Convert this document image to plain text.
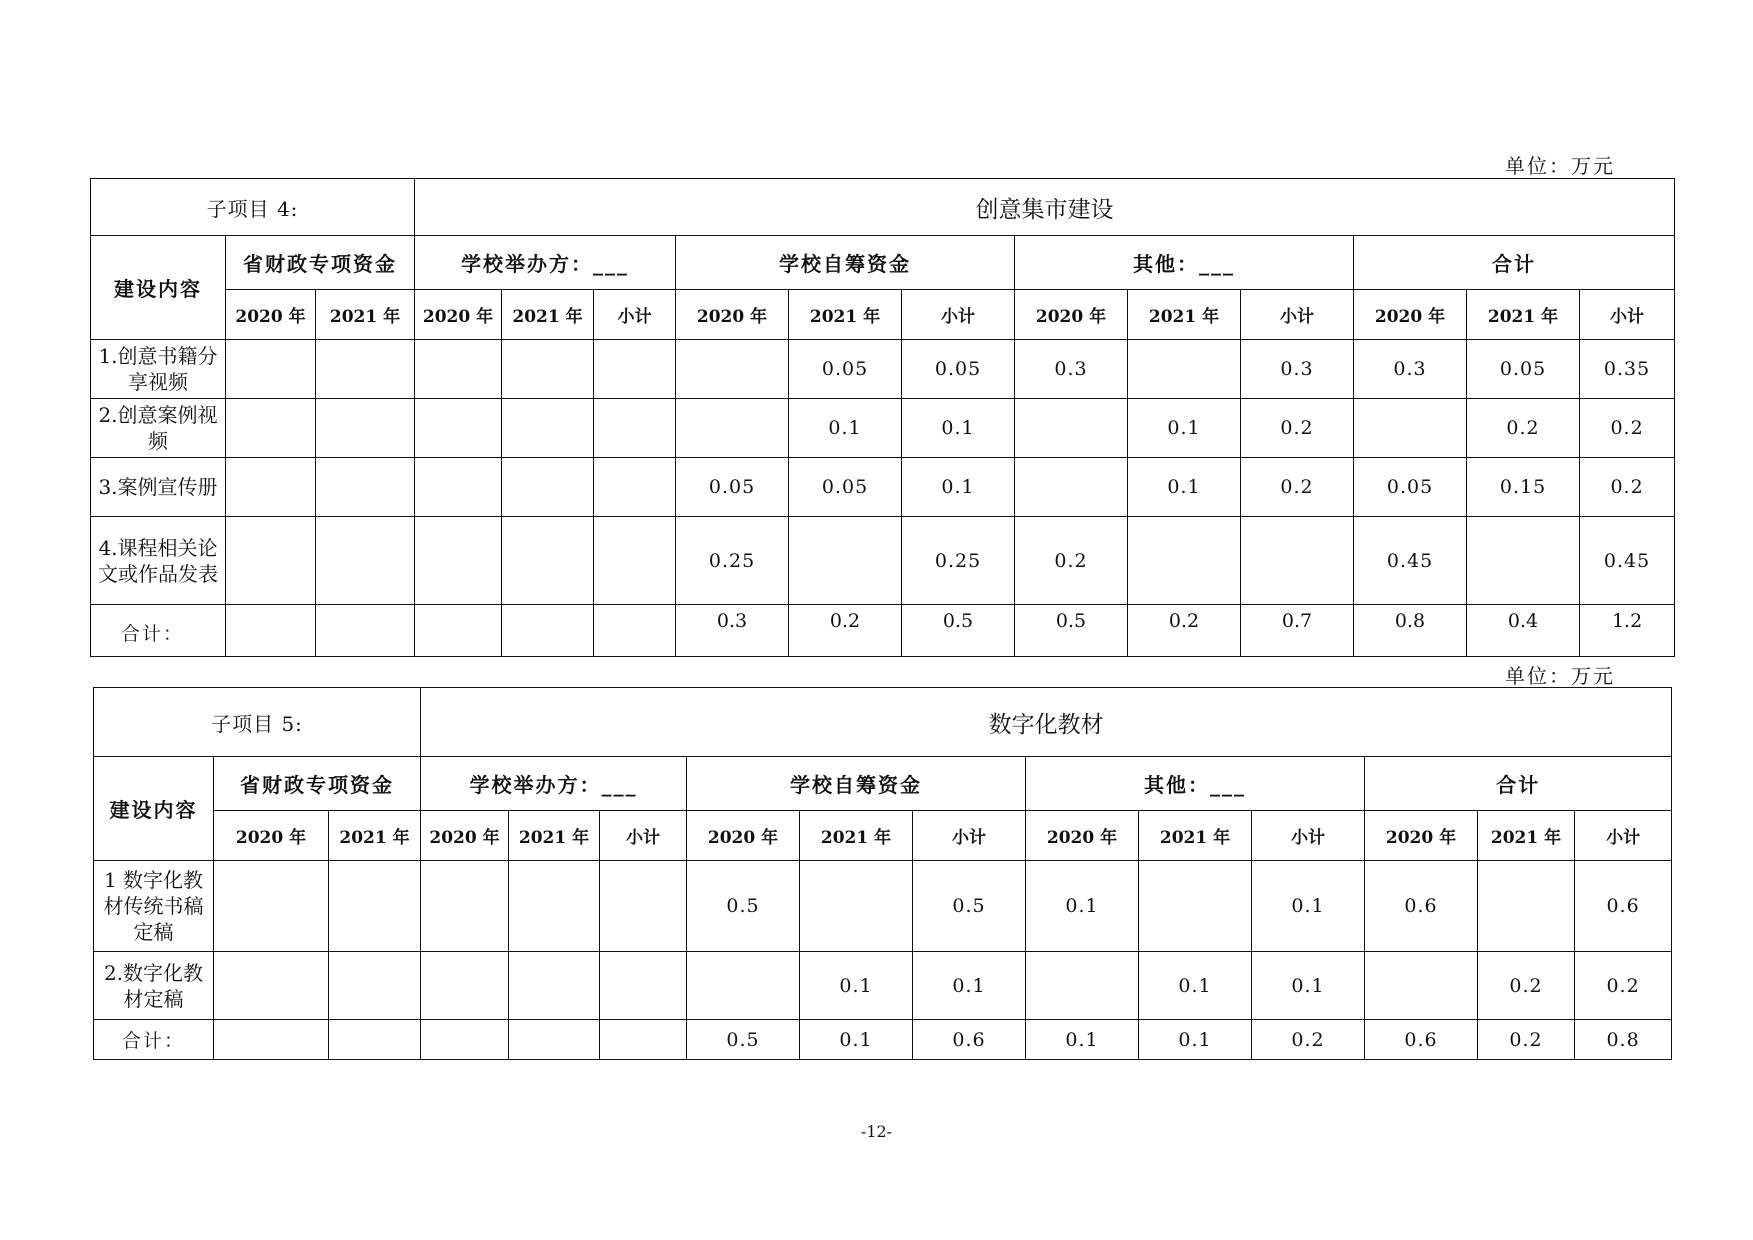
单位：万元
子项目 4:			创意集市建设											
建设内容	省财政专项资金		学校举办方：___			学校自筹资金			其他：___			合计		
	2020 年	2021 年	2020 年	2021 年	小计	2020 年	2021 年	小计	2020 年	2021 年	小计	2020 年	2021 年	小计
1.创意书籍分享视频							0.05	0.05	0.3		0.3	0.3	0.05	0.35
2.创意案例视频							0.1	0.1		0.1	0.2		0.2	0.2
3.案例宣传册						0.05	0.05	0.1		0.1	0.2	0.05	0.15	0.2
4.课程相关论文或作品发表						0.25		0.25	0.2			0.45		0.45
合计：						0.3	0.2	0.5	0.5	0.2	0.7	0.8	0.4	1.2
单位：万元
子项目 5:			数字化教材											
建设内容	省财政专项资金		学校举办方：___			学校自筹资金			其他：___			合计		
	2020 年	2021 年	2020 年	2021 年	小计	2020 年	2021 年	小计	2020 年	2021 年	小计	2020 年	2021 年	小计
1 数字化教材传统书稿定稿						0.5		0.5	0.1		0.1	0.6		0.6
2.数字化教材定稿							0.1	0.1		0.1	0.1		0.2	0.2
合计：						0.5	0.1	0.6	0.1	0.1	0.2	0.6	0.2	0.8
-12-
